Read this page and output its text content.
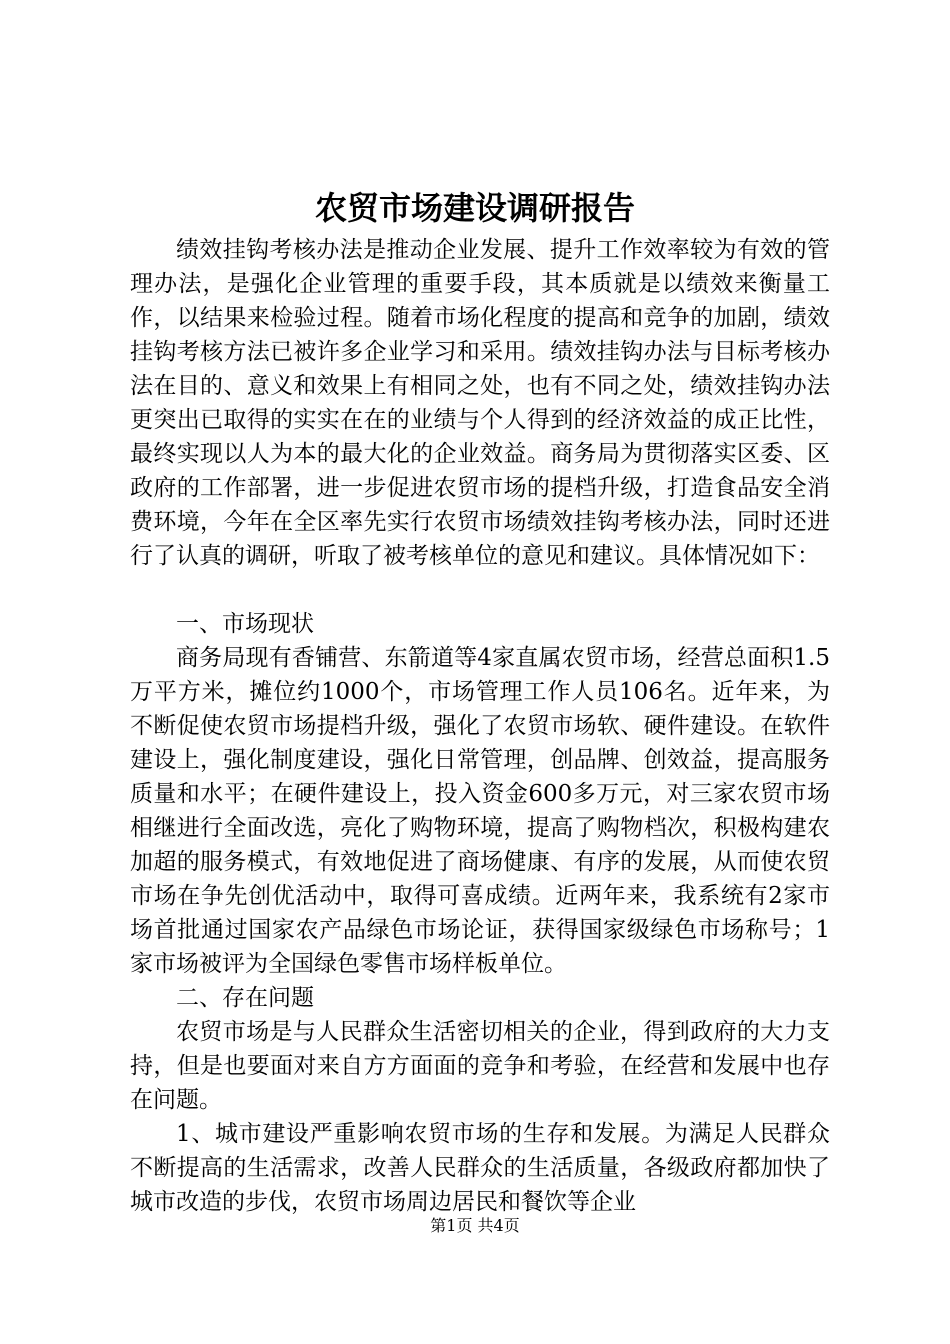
农贸市场建设调研报告

绩效挂钩考核办法是推动企业发展、提升工作效率较为有效的管理办法，是强化企业管理的重要手段，其本质就是以绩效来衡量工作，以结果来检验过程。随着市场化程度的提高和竞争的加剧，绩效挂钩考核方法已被许多企业学习和采用。绩效挂钩办法与目标考核办法在目的、意义和效果上有相同之处，也有不同之处，绩效挂钩办法更突出已取得的实实在在的业绩与个人得到的经济效益的成正比性，最终实现以人为本的最大化的企业效益。商务局为贯彻落实区委、区政府的工作部署，进一步促进农贸市场的提档升级，打造食品安全消费环境，今年在全区率先实行农贸市场绩效挂钩考核办法，同时还进行了认真的调研，听取了被考核单位的意见和建议。具体情况如下：

一、市场现状

商务局现有香铺营、东箭道等4家直属农贸市场，经营总面积1.5万平方米，摊位约1000个，市场管理工作人员106名。近年来，为不断促使农贸市场提档升级，强化了农贸市场软、硬件建设。在软件建设上，强化制度建设，强化日常管理，创品牌、创效益，提高服务质量和水平；在硬件建设上，投入资金600多万元，对三家农贸市场相继进行全面改选，亮化了购物环境，提高了购物档次，积极构建农加超的服务模式，有效地促进了商场健康、有序的发展，从而使农贸市场在争先创优活动中，取得可喜成绩。近两年来，我系统有2家市场首批通过国家农产品绿色市场论证，获得国家级绿色市场称号；1家市场被评为全国绿色零售市场样板单位。

二、存在问题

农贸市场是与人民群众生活密切相关的企业，得到政府的大力支持，但是也要面对来自方方面面的竞争和考验，在经营和发展中也存在问题。

1、城市建设严重影响农贸市场的生存和发展。为满足人民群众不断提高的生活需求，改善人民群众的生活质量，各级政府都加快了城市改造的步伐，农贸市场周边居民和餐饮等企业

第1页 共4页
